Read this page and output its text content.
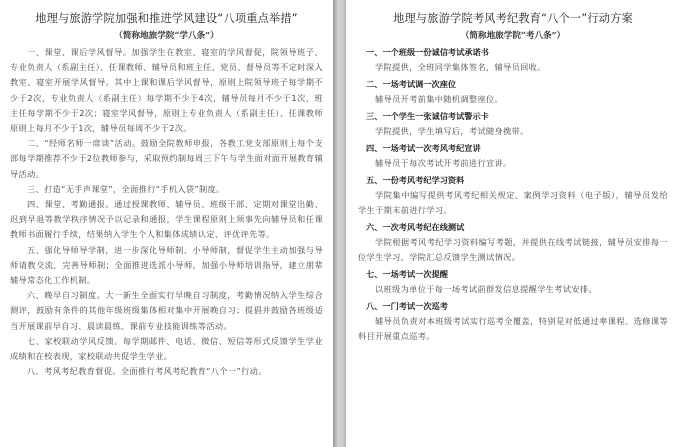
地理与旅游学院加强和推进学风建设“八项重点举措”
（简称地旅学院“学八条”）

一、课堂、课后学风督导。加强学生在教室、寝室的学风督促，院领导班子、专业负责人（系副主任）、任课教师、辅导员和班主任、党员、督导员等不定时深入教室、寝室开展学风督导。其中上课和课后学风督导，原则上院领导班子每学期不少于2次，专业负责人（系副主任）每学期不少于4次，辅导员每月不少于1次，班主任每学期不少于2次；寝室学风督导，原则上专业负责人（系副主任）、任课教师原则上每月不少于1次，辅导员每周不少于2次。

二、“经师名师一席谈”活动。鼓励全院教师申报，各教工党支部原则上每个支部每学期推荐不少于2位教师参与，采取预约制每周三下午与学生面对面开展教育辅导活动。

三、打造“无手声课堂”，全面推行“手机入袋”制度。

四、课堂、考勤通报。通过授课教师、辅导员、班级干部、定期对课堂出勤、迟到早退等教学秩序情况予以记录和通报，学生课程原则上须事先向辅导员和任课教师书面履行手续，结果纳入学生个人和集体成绩认定、评优评先等。

五、强化导师导学制，进一步深化导师制、小导师制，督促学生主动加强与导师请教交流，完善导师制；全面推进选派小导师，加强小导师培训指导，建立朋辈辅导常态化工作机制。

六、晚早自习制度。大一新生全面实行早晚自习制度，考勤情况纳入学生综合测评，鼓励有条件的其他年级班级集体相对集中开展晚自习；提倡并鼓励各班级适当开展课前早自习、晨读晨练、课前专业技能训练等活动。

七、家校联动学风反馈。每学期邮件、电话、微信、短信等形式反馈学生学业成绩和在校表现，家校联动共促学生学业。

八、考风考纪教育督促。全面推行考风考纪教育“八个一”行动。

地理与旅游学院考风考纪教育“八个一”行动方案
（简称地旅学院“考八条”）

一、一个班级一份诚信考试承诺书

学院提供，全班同学集体签名，辅导员回收。

二、一场考试调一次座位

辅导员开考前集中随机调整座位。

三、一个学生一张诚信考试警示卡

学院提供，学生填写后，考试随身携带。

四、一场考试一次考风考纪宣讲

辅导员于每次考试开考前进行宣讲。

五、一份考风考纪学习资料

学院集中编写提供考风考纪相关规定、案例学习资料（电子版），辅导员发给学生于期末前进行学习。

六、一次考风考纪在线测试

学院根据考风考纪学习资料编写考题，并提供在线考试链接，辅导员安排每一位学生学习，学院汇总反馈学生测试情况。

七、一场考试一次提醒

以班级为单位于每一场考试前群发信息提醒学生考试安排。

八、一门考试一次巡考

辅导员负责对本班级考试实行巡考全覆盖，特别是对低通过率课程、选修课等科目开展重点巡考。
